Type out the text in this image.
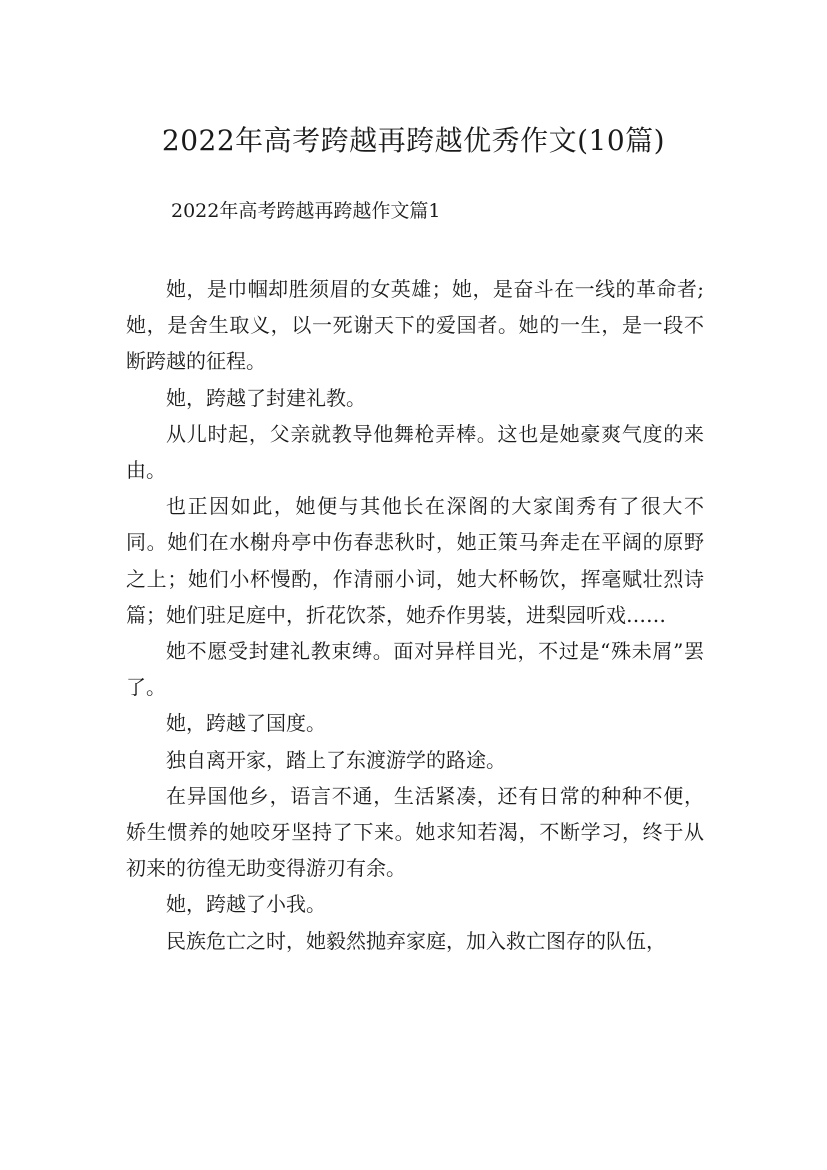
2022年高考跨越再跨越优秀作文(10篇)
2022年高考跨越再跨越作文篇1

她，是巾帼却胜须眉的女英雄；她，是奋斗在一线的革命者;她，是舍生取义，以一死谢天下的爱国者。她的一生，是一段不断跨越的征程。

她，跨越了封建礼教。

从儿时起，父亲就教导他舞枪弄棒。这也是她豪爽气度的来由。

也正因如此，她便与其他长在深阁的大家闺秀有了很大不同。她们在水榭舟亭中伤春悲秋时，她正策马奔走在平阔的原野之上；她们小杯慢酌，作清丽小词，她大杯畅饮，挥毫赋壮烈诗篇；她们驻足庭中，折花饮茶，她乔作男装，进梨园听戏……

她不愿受封建礼教束缚。面对异样目光，不过是“殊未屑”罢了。

她，跨越了国度。

独自离开家，踏上了东渡游学的路途。

在异国他乡，语言不通，生活紧凑，还有日常的种种不便，娇生惯养的她咬牙坚持了下来。她求知若渴，不断学习，终于从初来的彷徨无助变得游刃有余。

她，跨越了小我。

民族危亡之时，她毅然抛弃家庭，加入救亡图存的队伍，
